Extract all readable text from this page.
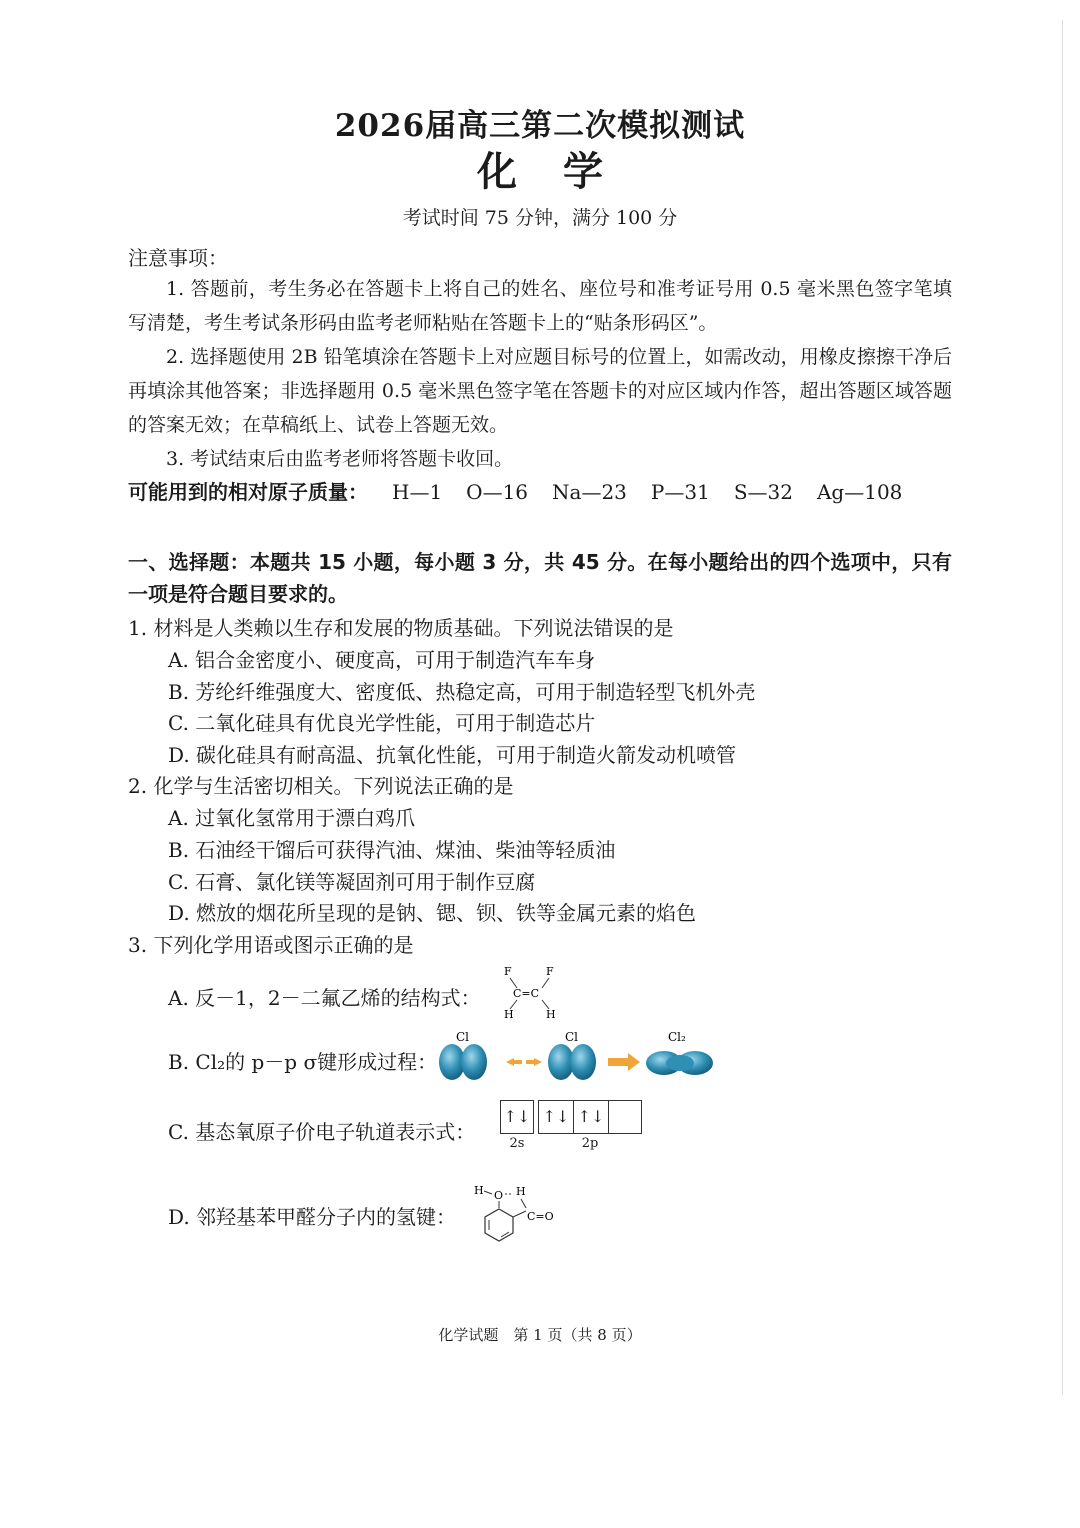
2026届高三第二次模拟测试
化学
考试时间 75 分钟，满分 100 分
注意事项：
1. 答题前，考生务必在答题卡上将自己的姓名、座位号和准考证号用 0.5 毫米黑色签字笔填写清楚，考生考试条形码由监考老师粘贴在答题卡上的“贴条形码区”。
2. 选择题使用 2B 铅笔填涂在答题卡上对应题目标号的位置上，如需改动，用橡皮擦擦干净后再填涂其他答案；非选择题用 0.5 毫米黑色签字笔在答题卡的对应区域内作答，超出答题区域答题的答案无效；在草稿纸上、试卷上答题无效。
3. 考试结束后由监考老师将答题卡收回。
可能用到的相对原子质量： H—1 O—16 Na—23 P—31 S—32 Ag—108
一、选择题：本题共 15 小题，每小题 3 分，共 45 分。在每小题给出的四个选项中，只有一项是符合题目要求的。
1. 材料是人类赖以生存和发展的物质基础。下列说法错误的是
A. 铝合金密度小、硬度高，可用于制造汽车车身
B. 芳纶纤维强度大、密度低、热稳定高，可用于制造轻型飞机外壳
C. 二氧化硅具有优良光学性能，可用于制造芯片
D. 碳化硅具有耐高温、抗氧化性能，可用于制造火箭发动机喷管
2. 化学与生活密切相关。下列说法正确的是
A. 过氧化氢常用于漂白鸡爪
B. 石油经干馏后可获得汽油、煤油、柴油等轻质油
C. 石膏、氯化镁等凝固剂可用于制作豆腐
D. 燃放的烟花所呈现的是钠、锶、钡、铁等金属元素的焰色
3. 下列化学用语或图示正确的是
A. 反－1，2－二氟乙烯的结构式：
B. Cl₂的 p－p σ键形成过程：
C. 基态氧原子价电子轨道表示式：
D. 邻羟基苯甲醛分子内的氢键：
F	F
C=C
H	H
Cl	Cl	Cl₂
↑↓ ↑↓ ↑↓
2s	2p
H O H
C=O
化学试题　第 1 页（共 8 页）
